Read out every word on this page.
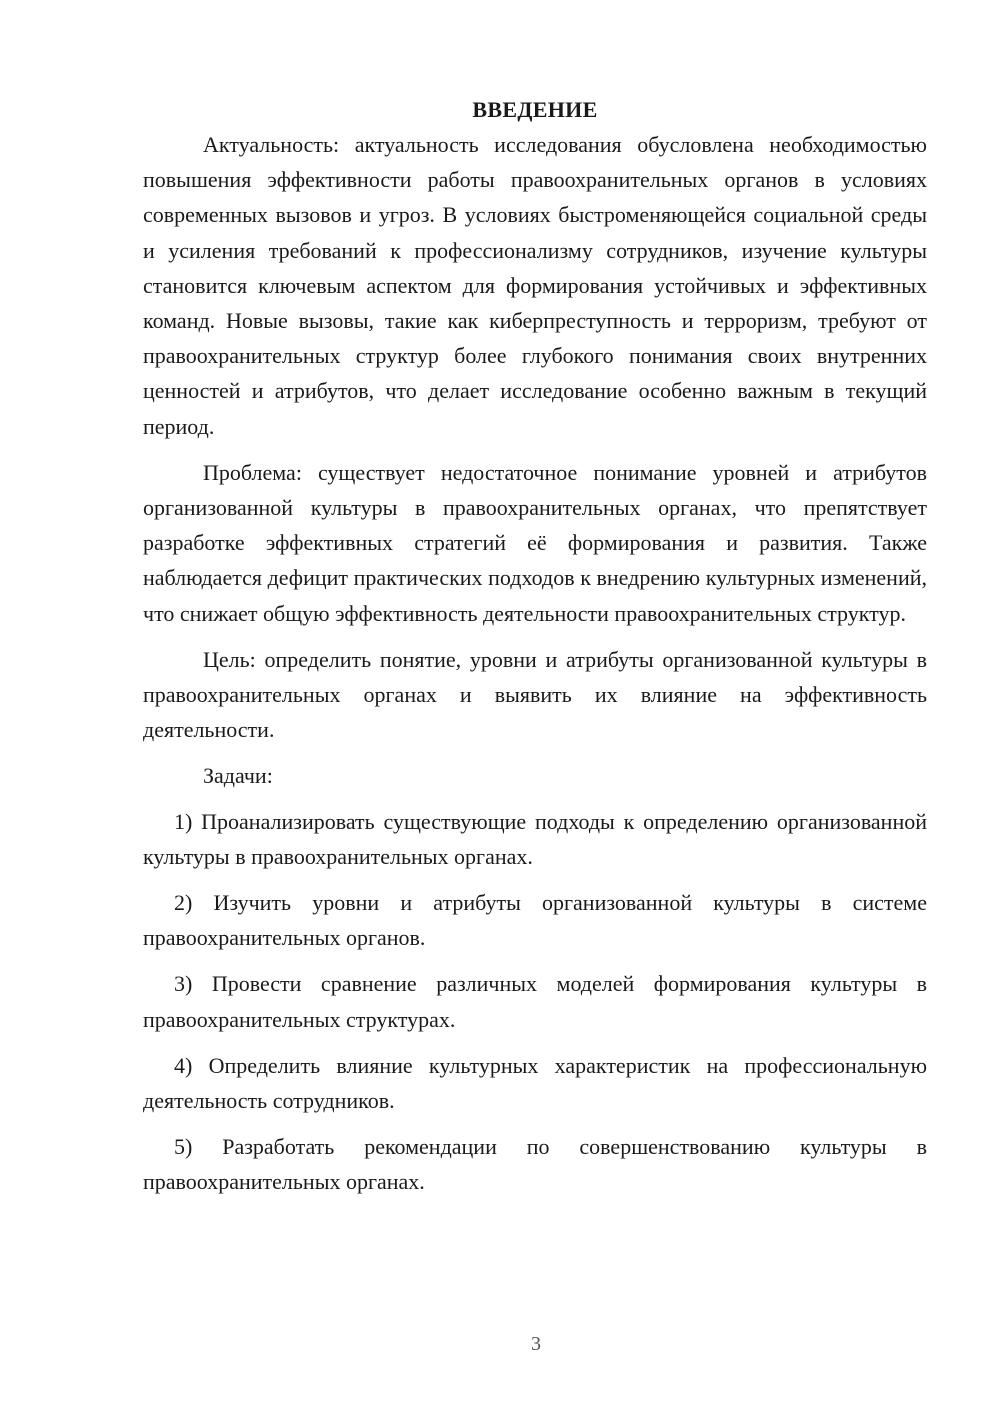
ВВЕДЕНИЕ

Актуальность: актуальность исследования обусловлена необходимостью повышения эффективности работы правоохранительных органов в условиях современных вызовов и угроз. В условиях быстроменяющейся социальной среды и усиления требований к профессионализму сотрудников, изучение культуры становится ключевым аспектом для формирования устойчивых и эффективных команд. Новые вызовы, такие как киберпреступность и терроризм, требуют от правоохранительных структур более глубокого понимания своих внутренних ценностей и атрибутов, что делает исследование особенно важным в текущий период.

Проблема: существует недостаточное понимание уровней и атрибутов организованной культуры в правоохранительных органах, что препятствует разработке эффективных стратегий её формирования и развития. Также наблюдается дефицит практических подходов к внедрению культурных изменений, что снижает общую эффективность деятельности правоохранительных структур.

Цель: определить понятие, уровни и атрибуты организованной культуры в правоохранительных органах и выявить их влияние на эффективность деятельности.

Задачи:

1) Проанализировать существующие подходы к определению организованной культуры в правоохранительных органах.

2) Изучить уровни и атрибуты организованной культуры в системе правоохранительных органов.

3) Провести сравнение различных моделей формирования культуры в правоохранительных структурах.

4) Определить влияние культурных характеристик на профессиональную деятельность сотрудников.

5) Разработать рекомендации по совершенствованию культуры в правоохранительных органах.

3
